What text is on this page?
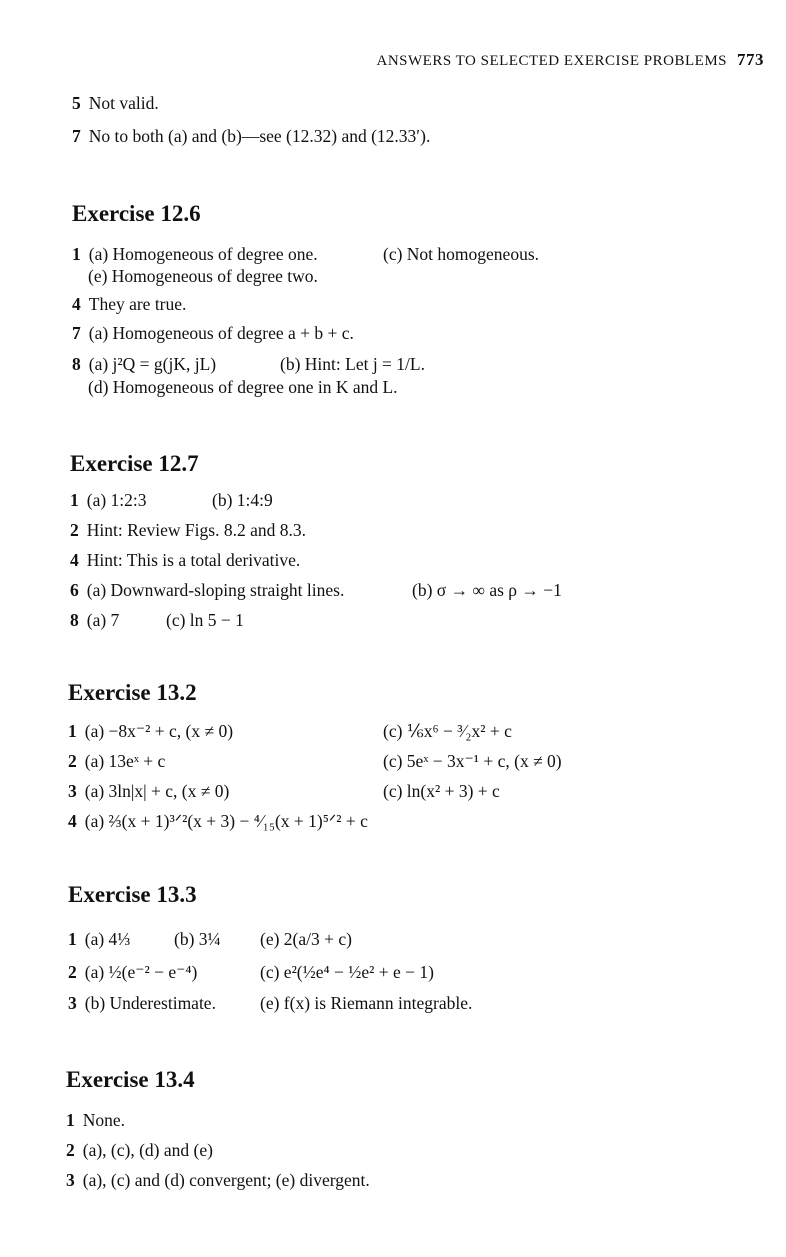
ANSWERS TO SELECTED EXERCISE PROBLEMS 773
5 Not valid.
7 No to both (a) and (b)—see (12.32) and (12.33′).
Exercise 12.6
1 (a) Homogeneous of degree one.	(c) Not homogeneous.
(e) Homogeneous of degree two.
4 They are true.
7 (a) Homogeneous of degree a + b + c.
8 (a) j²Q = g(jK, jL)	(b) Hint: Let j = 1/L.
(d) Homogeneous of degree one in K and L.
Exercise 12.7
1 (a) 1:2:3	(b) 1:4:9
2 Hint: Review Figs. 8.2 and 8.3.
4 Hint: This is a total derivative.
6 (a) Downward-sloping straight lines.	(b) σ → ∞ as ρ → −1
8 (a) 7	(c) ln 5 − 1
Exercise 13.2
1 (a) −8x⁻² + c, (x ≠ 0)	(c) ⅙x⁶ − ³⁄₂x² + c
2 (a) 13eˣ + c	(c) 5eˣ − 3x⁻¹ + c, (x ≠ 0)
3 (a) 3ln|x| + c, (x ≠ 0)	(c) ln(x² + 3) + c
4 (a) ⅔(x + 1)³ᐟ²(x + 3) − ⁴⁄₁₅(x + 1)⁵ᐟ² + c
Exercise 13.3
1 (a) 4⅓ (b) 3¼ (e) 2(a/3 + c)
2 (a) ½(e⁻² − e⁻⁴)	(c) e²(½e⁴ − ½e² + e − 1)
3 (b) Underestimate.	(e) f(x) is Riemann integrable.
Exercise 13.4
1 None.
2 (a), (c), (d) and (e)
3 (a), (c) and (d) convergent; (e) divergent.
